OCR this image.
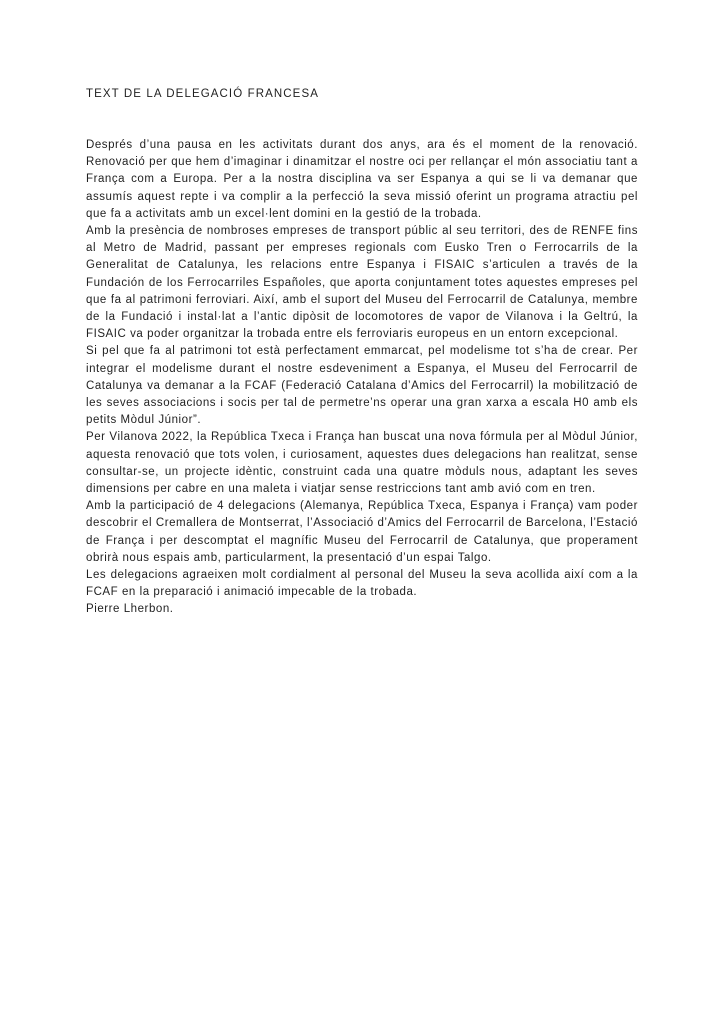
TEXT DE LA DELEGACIÓ FRANCESA

Després d’una pausa en les activitats durant dos anys, ara és el moment de la renovació. Renovació per que hem d’imaginar i dinamitzar el nostre oci per rellançar el món associatiu tant a França com a Europa. Per a la nostra disciplina va ser Espanya a qui se li va demanar que assumís aquest repte i va complir a la perfecció la seva missió oferint un programa atractiu pel que fa a activitats amb un excel·lent domini en la gestió de la trobada.

Amb la presència de nombroses empreses de transport públic al seu territori, des de RENFE fins al Metro de Madrid, passant per empreses regionals com Eusko Tren o Ferrocarrils de la Generalitat de Catalunya, les relacions entre Espanya i FISAIC s’articulen a través de la Fundación de los Ferrocarriles Españoles, que aporta conjuntament totes aquestes empreses pel que fa al patrimoni ferroviari. Així, amb el suport del Museu del Ferrocarril de Catalunya, membre de la Fundació i instal·lat a l’antic dipòsit de locomotores de vapor de Vilanova i la Geltrú, la FISAIC va poder organitzar la trobada entre els ferroviaris europeus en un entorn excepcional.

Si pel que fa al patrimoni tot està perfectament emmarcat, pel modelisme tot s’ha de crear. Per integrar el modelisme durant el nostre esdeveniment a Espanya, el Museu del Ferrocarril de Catalunya va demanar a la FCAF (Federació Catalana d’Amics del Ferrocarril) la mobilització de les seves associacions i socis per tal de permetre’ns operar una gran xarxa a escala H0 amb els petits Mòdul Júnior”.

Per Vilanova 2022, la República Txeca i França han buscat una nova fórmula per al Mòdul Júnior, aquesta renovació que tots volen, i curiosament, aquestes dues delegacions han realitzat, sense consultar-se, un projecte idèntic, construint cada una quatre mòduls nous, adaptant les seves dimensions per cabre en una maleta i viatjar sense restriccions tant amb avió com en tren.

Amb la participació de 4 delegacions (Alemanya, República Txeca, Espanya i França) vam poder descobrir el Cremallera de Montserrat, l’Associació d’Amics del Ferrocarril de Barcelona, l’Estació de França i per descomptat el magnífic Museu del Ferrocarril de Catalunya, que properament obrirà nous espais amb, particularment, la presentació d’un espai Talgo.

Les delegacions agraeixen molt cordialment al personal del Museu la seva acollida així com a la FCAF en la preparació i animació impecable de la trobada.

Pierre Lherbon.
